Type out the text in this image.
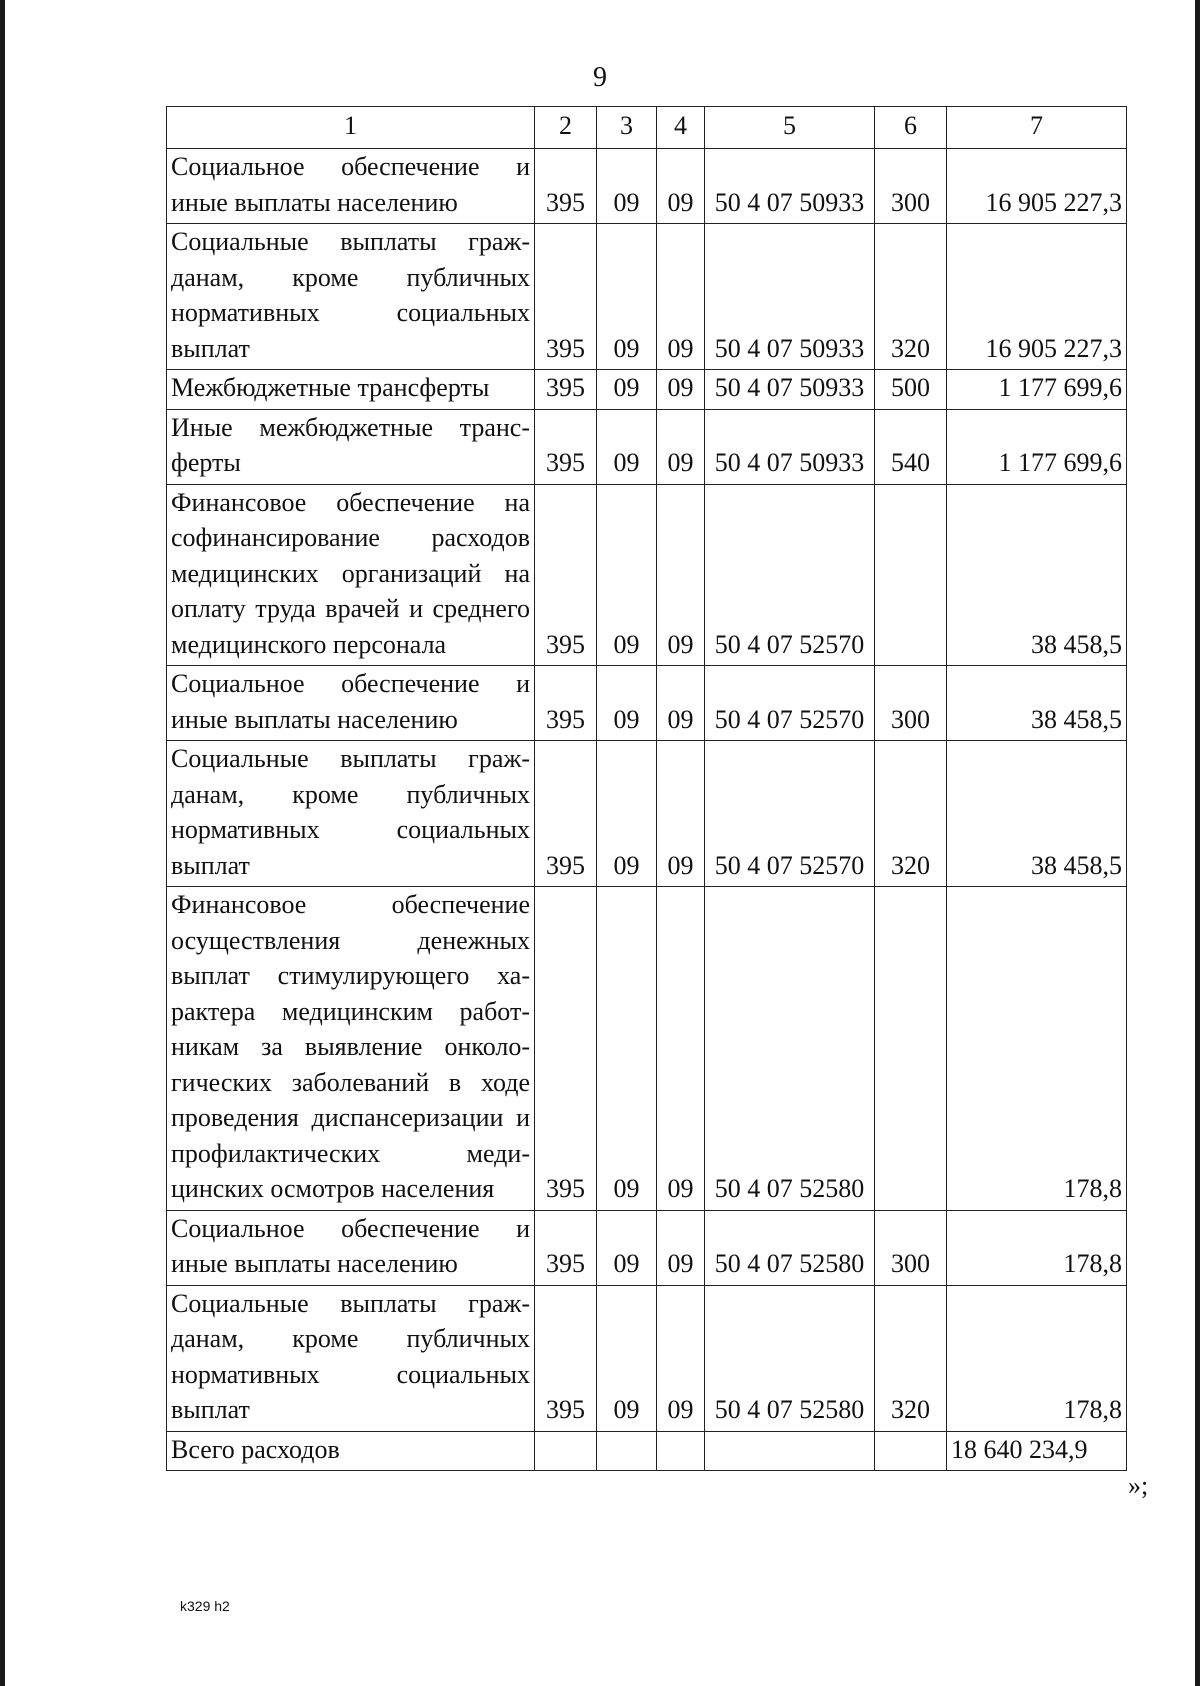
9
1	2	3	4	5	6	7
Социальное обеспечение и иные выплаты населению	395	09	09	50 4 07 50933	300	16 905 227,3
Социальные выплаты гражданам, кроме публичных нормативных социальных выплат	395	09	09	50 4 07 50933	320	16 905 227,3
Межбюджетные трансферты	395	09	09	50 4 07 50933	500	1 177 699,6
Иные межбюджетные трансферты	395	09	09	50 4 07 50933	540	1 177 699,6
Финансовое обеспечение на софинансирование расходов медицинских организаций на оплату труда врачей и среднего медицинского персонала	395	09	09	50 4 07 52570		38 458,5
Социальное обеспечение и иные выплаты населению	395	09	09	50 4 07 52570	300	38 458,5
Социальные выплаты гражданам, кроме публичных нормативных социальных выплат	395	09	09	50 4 07 52570	320	38 458,5
Финансовое обеспечение осуществления денежных выплат стимулирующего характера медицинским работникам за выявление онкологических заболеваний в ходе проведения диспансеризации и профилактических медицинских осмотров населения	395	09	09	50 4 07 52580		178,8
Социальное обеспечение и иные выплаты населению	395	09	09	50 4 07 52580	300	178,8
Социальные выплаты гражданам, кроме публичных нормативных социальных выплат	395	09	09	50 4 07 52580	320	178,8
Всего расходов						18 640 234,9
»;
k329 h2
